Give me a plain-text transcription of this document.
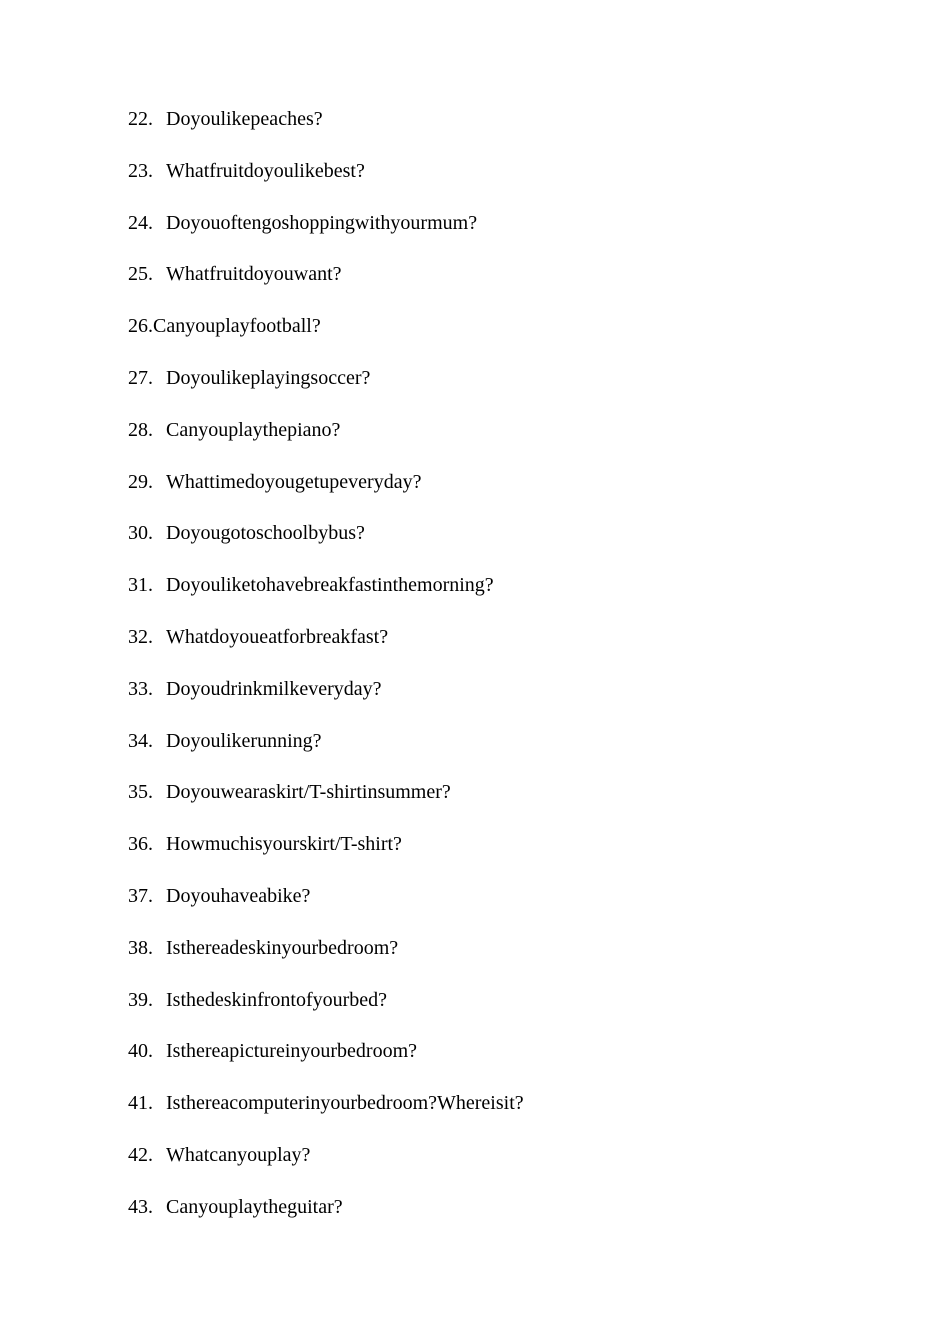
22. Doyoulikepeaches?
23. Whatfruitdoyoulikebest?
24. Doyouoftengoshoppingwithyourmum?
25. Whatfruitdoyouwant?
26.Canyouplayfootball?
27. Doyoulikeplayingsoccer?
28. Canyouplaythepiano?
29. Whattimedoyougetupeveryday?
30. Doyougotoschoolbybus?
31. Doyouliketohavebreakfastinthemorning?
32. Whatdoyoueatforbreakfast?
33. Doyoudrinkmilkeveryday?
34. Doyoulikerunning?
35. Doyouwearaskirt/T-shirtinsummer?
36. Howmuchisyourskirt/T-shirt?
37. Doyouhaveabike?
38. Isthereadeskinyourbedroom?
39. Isthedeskinfrontofyourbed?
40. Isthereapictureinyourbedroom?
41. Isthereacomputerinyourbedroom?Whereisit?
42. Whatcanyouplay?
43. Canyouplaytheguitar?
